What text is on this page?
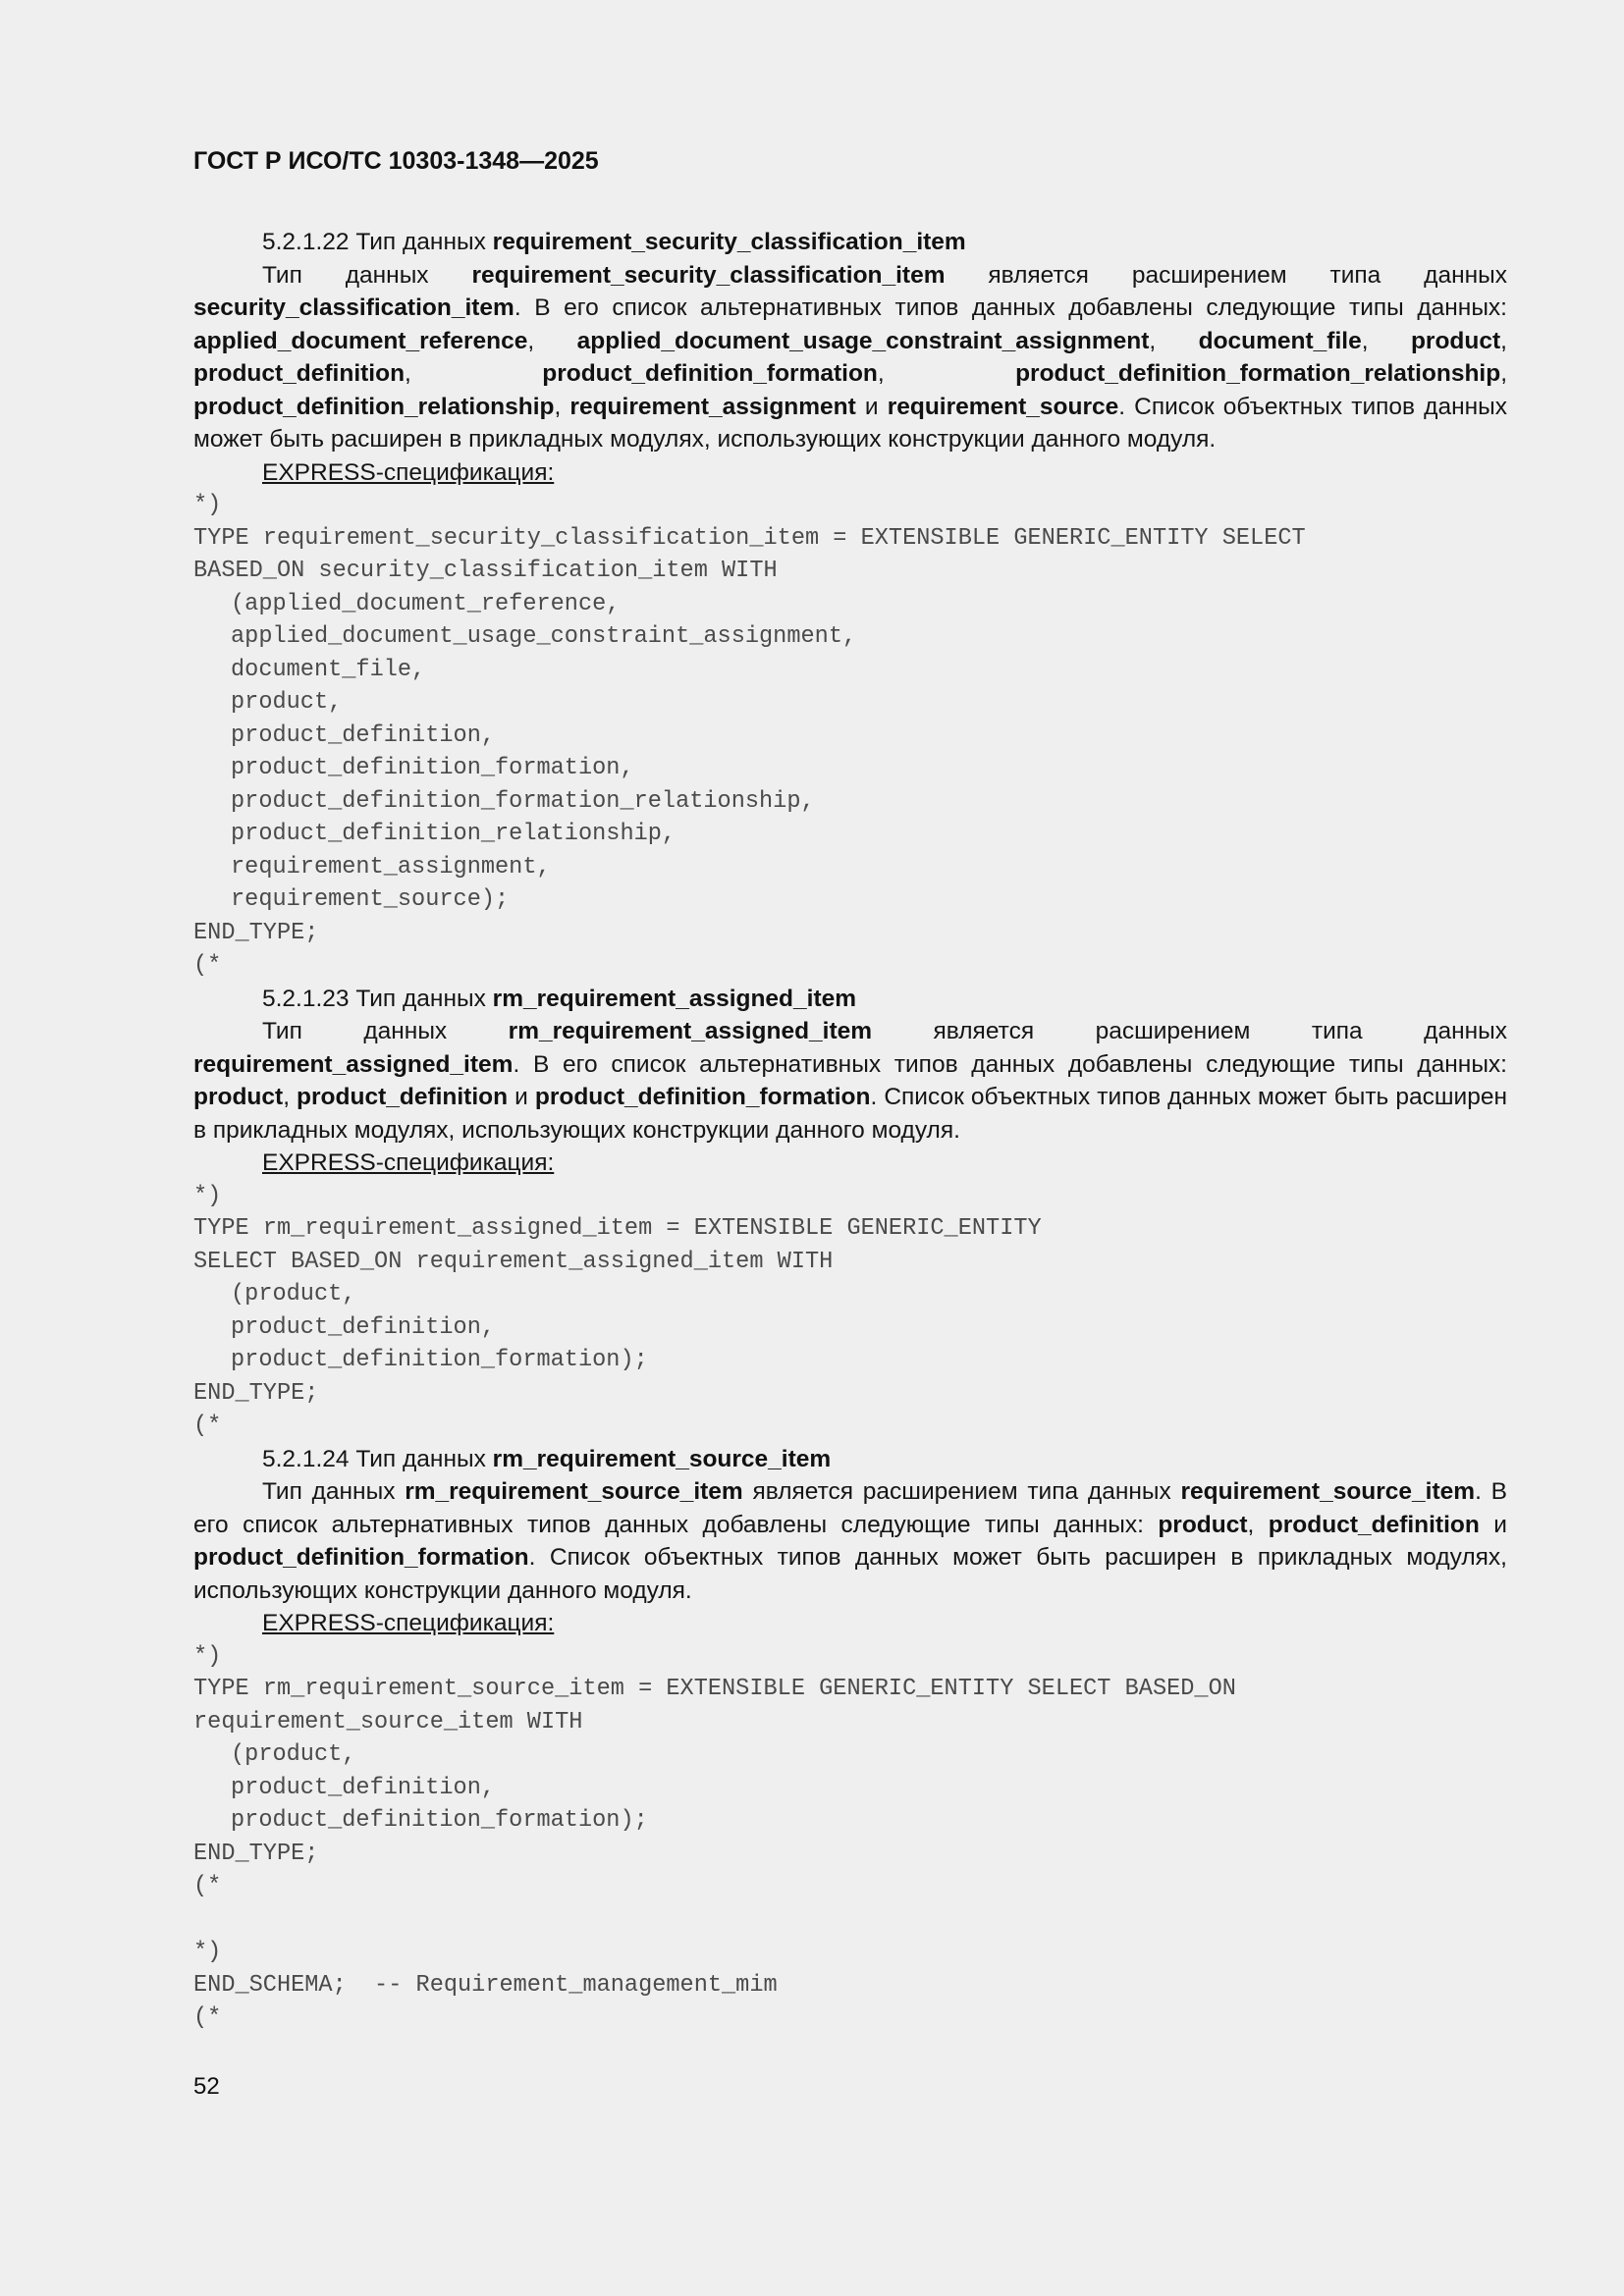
ГОСТ Р ИСО/ТС 10303-1348—2025
5.2.1.22 Тип данных requirement_security_classification_item

Тип данных requirement_security_classification_item является расширением типа данных security_classification_item. В его список альтернативных типов данных добавлены следующие типы данных: applied_document_reference, applied_document_usage_constraint_assignment, document_file, product, product_definition, product_definition_formation, product_definition_formation_relationship, product_definition_relationship, requirement_assignment и requirement_source. Список объектных типов данных может быть расширен в прикладных модулях, использующих конструкции данного модуля.

EXPRESS-спецификация:
*)
TYPE requirement_security_classification_item = EXTENSIBLE GENERIC_ENTITY SELECT
BASED_ON security_classification_item WITH
(applied_document_reference,
applied_document_usage_constraint_assignment,
document_file,
product,
product_definition,
product_definition_formation,
product_definition_formation_relationship,
product_definition_relationship,
requirement_assignment,
requirement_source);
END_TYPE;
(*
5.2.1.23 Тип данных rm_requirement_assigned_item

Тип данных rm_requirement_assigned_item является расширением типа данных requirement_assigned_item. В его список альтернативных типов данных добавлены следующие типы данных: product, product_definition и product_definition_formation. Список объектных типов данных может быть расширен в прикладных модулях, использующих конструкции данного модуля.

EXPRESS-спецификация:
*)
TYPE rm_requirement_assigned_item = EXTENSIBLE GENERIC_ENTITY
SELECT BASED_ON requirement_assigned_item WITH
(product,
product_definition,
product_definition_formation);
END_TYPE;
(*
5.2.1.24 Тип данных rm_requirement_source_item

Тип данных rm_requirement_source_item является расширением типа данных requirement_source_item. В его список альтернативных типов данных добавлены следующие типы данных: product, product_definition и product_definition_formation. Список объектных типов данных может быть расширен в прикладных модулях, использующих конструкции данного модуля.

EXPRESS-спецификация:
*)
TYPE rm_requirement_source_item = EXTENSIBLE GENERIC_ENTITY SELECT BASED_ON
requirement_source_item WITH
(product,
product_definition,
product_definition_formation);
END_TYPE;
(*
*)
END_SCHEMA;  -- Requirement_management_mim
(*
52
